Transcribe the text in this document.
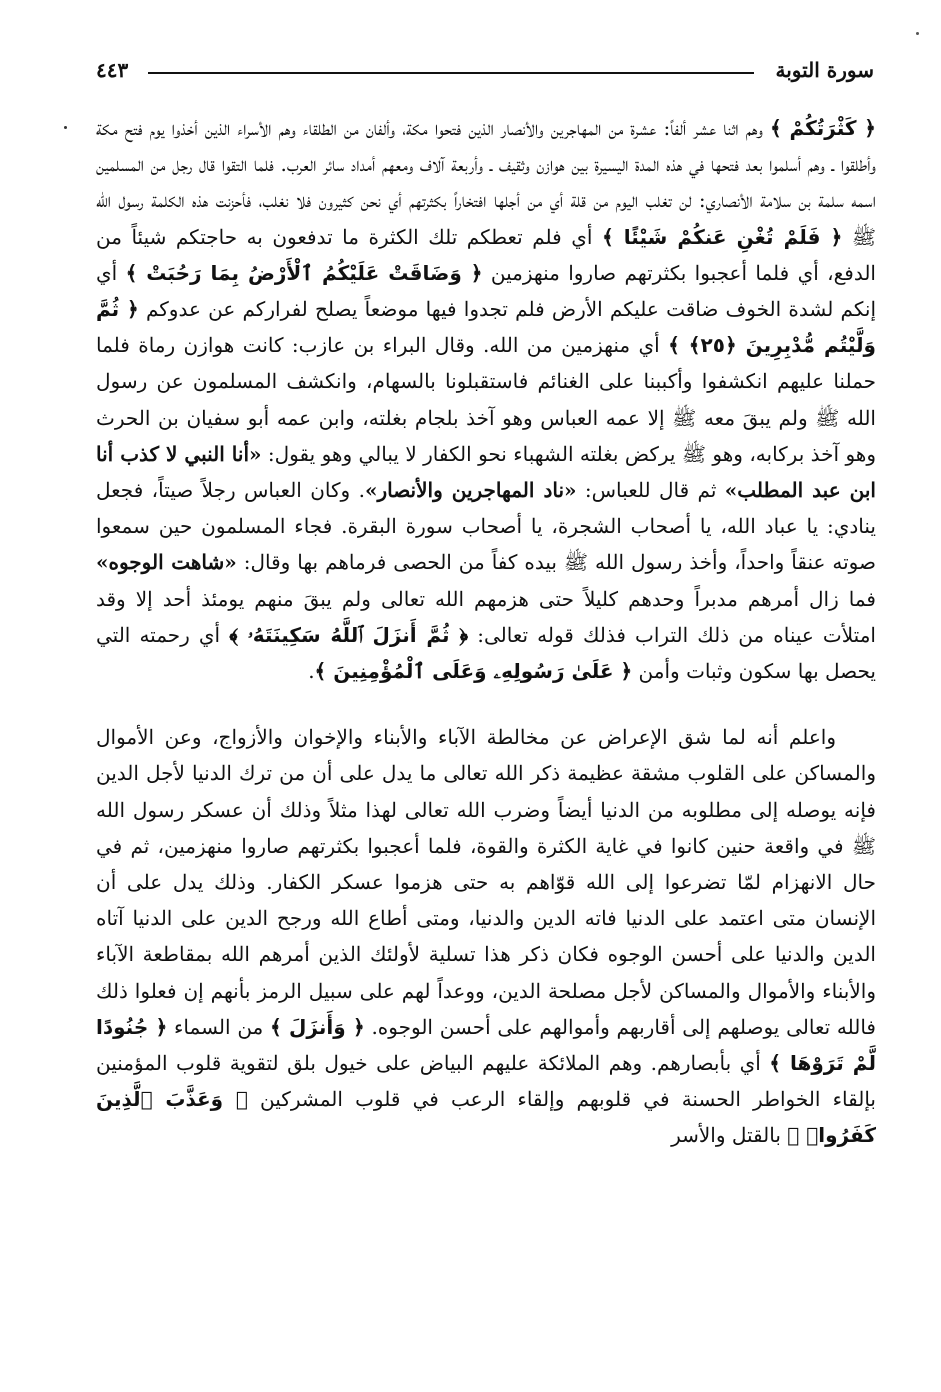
سورة التوبة
٤٤٣

﴿ كَثْرَتُكُمْ ﴾ وهم اثنا عشر ألفاً: عشرة من المهاجرين والأنصار الذين فتحوا مكة، وألفان من الطلقاء وهم الأسراء الذين أخذوا يوم فتح مكة وأطلقوا ـ وهم أسلموا بعد فتحها في هذه المدة اليسيرة بين هوازن وثقيف ـ وأربعة آلاف ومعهم أمداد سائر العرب. فلما التقوا قال رجل من المسلمين اسمه سلمة بن سلامة الأنصاري: لن تغلب اليوم من قلة أي من أجلها افتخاراً بكثرتهم أي نحن كثيرون فلا نغلب، فأحزنت هذه الكلمة رسول الله ﷺ ﴿ فَلَمْ تُغْنِ عَنكُمْ شَيْئًا ﴾ أي فلم تعطكم تلك الكثرة ما تدفعون به حاجتكم شيئاً من الدفع، أي فلما أعجبوا بكثرتهم صاروا منهزمين ﴿ وَضَاقَتْ عَلَيْكُمُ ٱلْأَرْضُ بِمَا رَحُبَتْ ﴾ أي إنكم لشدة الخوف ضاقت عليكم الأرض فلم تجدوا فيها موضعاً يصلح لفراركم عن عدوكم ﴿ ثُمَّ وَلَّيْتُم مُّدْبِرِينَ ﴿٢٥﴾ ﴾ أي منهزمين من الله. وقال البراء بن عازب: كانت هوازن رماة فلما حملنا عليهم انكشفوا وأكببنا على الغنائم فاستقبلونا بالسهام، وانكشف المسلمون عن رسول الله ﷺ ولم يبقَ معه ﷺ إلا عمه العباس وهو آخذ بلجام بغلته، وابن عمه أبو سفيان بن الحرث وهو آخذ بركابه، وهو ﷺ يركض بغلته الشهباء نحو الكفار لا يبالي وهو يقول: «أنا النبي لا كذب أنا ابن عبد المطلب» ثم قال للعباس: «ناد المهاجرين والأنصار». وكان العباس رجلاً صيتاً، فجعل ينادي: يا عباد الله، يا أصحاب الشجرة، يا أصحاب سورة البقرة. فجاء المسلمون حين سمعوا صوته عنقاً واحداً، وأخذ رسول الله ﷺ بيده كفاً من الحصى فرماهم بها وقال: «شاهت الوجوه» فما زال أمرهم مدبراً وحدهم كليلاً حتى هزمهم الله تعالى ولم يبقَ منهم يومئذ أحد إلا وقد امتلأت عيناه من ذلك التراب فذلك قوله تعالى: ﴿ ثُمَّ أَنزَلَ ٱللَّهُ سَكِينَتَهُۥ ﴾ أي رحمته التي يحصل بها سكون وثبات وأمن ﴿ عَلَىٰ رَسُولِهِۦ وَعَلَى ٱلْمُؤْمِنِينَ ﴾.

واعلم أنه لما شق الإعراض عن مخالطة الآباء والأبناء والإخوان والأزواج، وعن الأموال والمساكن على القلوب مشقة عظيمة ذكر الله تعالى ما يدل على أن من ترك الدنيا لأجل الدين فإنه يوصله إلى مطلوبه من الدنيا أيضاً وضرب الله تعالى لهذا مثلاً وذلك أن عسكر رسول الله ﷺ في واقعة حنين كانوا في غاية الكثرة والقوة، فلما أعجبوا بكثرتهم صاروا منهزمين، ثم في حال الانهزام لمّا تضرعوا إلى الله قوّاهم به حتى هزموا عسكر الكفار. وذلك يدل على أن الإنسان متى اعتمد على الدنيا فاته الدين والدنيا، ومتى أطاع الله ورجح الدين على الدنيا آتاه الدين والدنيا على أحسن الوجوه فكان ذكر هذا تسلية لأولئك الذين أمرهم الله بمقاطعة الآباء والأبناء والأموال والمساكن لأجل مصلحة الدين، ووعداً لهم على سبيل الرمز بأنهم إن فعلوا ذلك فالله تعالى يوصلهم إلى أقاربهم وأموالهم على أحسن الوجوه. ﴿ وَأَنزَلَ ﴾ من السماء ﴿ جُنُودًا لَّمْ تَرَوْهَا ﴾ أي بأبصارهم. وهم الملائكة عليهم البياض على خيول بلق لتقوية قلوب المؤمنين بإلقاء الخواطر الحسنة في قلوبهم وإلقاء الرعب في قلوب المشركين ﴿ وَعَذَّبَ ٱلَّذِينَ كَفَرُوا۟ ﴾ بالقتل والأسر
